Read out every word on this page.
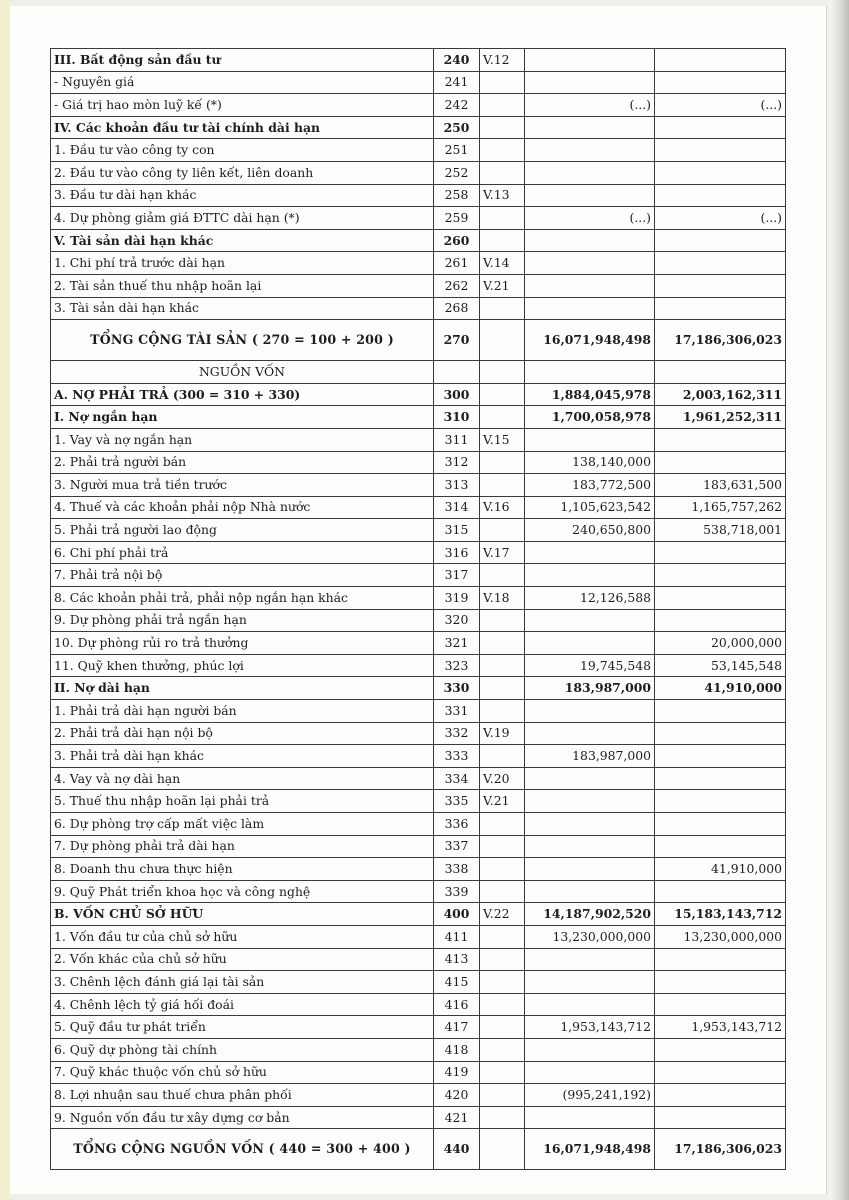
III. Bất động sản đầu tư	240	V.12		
- Nguyên giá	241			
- Giá trị hao mòn luỹ kế (*)	242		(...)	(...)
IV. Các khoản đầu tư tài chính dài hạn	250			
1. Đầu tư vào công ty con	251			
2. Đầu tư vào công ty liên kết, liên doanh	252			
3. Đầu tư dài hạn khác	258	V.13		
4. Dự phòng giảm giá ĐTTC dài hạn (*)	259		(...)	(...)
V. Tài sản dài hạn khác	260			
1. Chi phí trả trước dài hạn	261	V.14		
2. Tài sản thuế thu nhập hoãn lại	262	V.21		
3. Tài sản dài hạn khác	268			
TỔNG CỘNG TÀI SẢN ( 270 = 100 + 200 )	270		16,071,948,498	17,186,306,023
NGUỒN VỐN				
A. NỢ PHẢI TRẢ (300 = 310 + 330)	300		1,884,045,978	2,003,162,311
I. Nợ ngắn hạn	310		1,700,058,978	1,961,252,311
1. Vay và nợ ngắn hạn	311	V.15		
2. Phải trả người bán	312		138,140,000	
3. Người mua trả tiền trước	313		183,772,500	183,631,500
4. Thuế và các khoản phải nộp Nhà nước	314	V.16	1,105,623,542	1,165,757,262
5. Phải trả người lao động	315		240,650,800	538,718,001
6. Chi phí phải trả	316	V.17		
7. Phải trả nội bộ	317			
8. Các khoản phải trả, phải nộp ngắn hạn khác	319	V.18	12,126,588	
9. Dự phòng phải trả ngắn hạn	320			
10. Dự phòng rủi ro trả thưởng	321			20,000,000
11. Quỹ khen thưởng, phúc lợi	323		19,745,548	53,145,548
II. Nợ dài hạn	330		183,987,000	41,910,000
1. Phải trả dài hạn người bán	331			
2. Phải trả dài hạn nội bộ	332	V.19		
3. Phải trả dài hạn khác	333		183,987,000	
4. Vay và nợ dài hạn	334	V.20		
5. Thuế thu nhập hoãn lại phải trả	335	V.21		
6. Dự phòng trợ cấp mất việc làm	336			
7. Dự phòng phải trả dài hạn	337			
8. Doanh thu chưa thực hiện	338			41,910,000
9. Quỹ Phát triển khoa học và công nghệ	339			
B. VỐN CHỦ SỞ HỮU	400	V.22	14,187,902,520	15,183,143,712
1. Vốn đầu tư của chủ sở hữu	411		13,230,000,000	13,230,000,000
2. Vốn khác của chủ sở hữu	413			
3. Chênh lệch đánh giá lại tài sản	415			
4. Chênh lệch tỷ giá hối đoái	416			
5. Quỹ đầu tư phát triển	417		1,953,143,712	1,953,143,712
6. Quỹ dự phòng tài chính	418			
7. Quỹ khác thuộc vốn chủ sở hữu	419			
8. Lợi nhuận sau thuế chưa phân phối	420		(995,241,192)	
9. Nguồn vốn đầu tư xây dựng cơ bản	421			
TỔNG CỘNG NGUỒN VỐN ( 440 = 300 + 400 )	440		16,071,948,498	17,186,306,023
